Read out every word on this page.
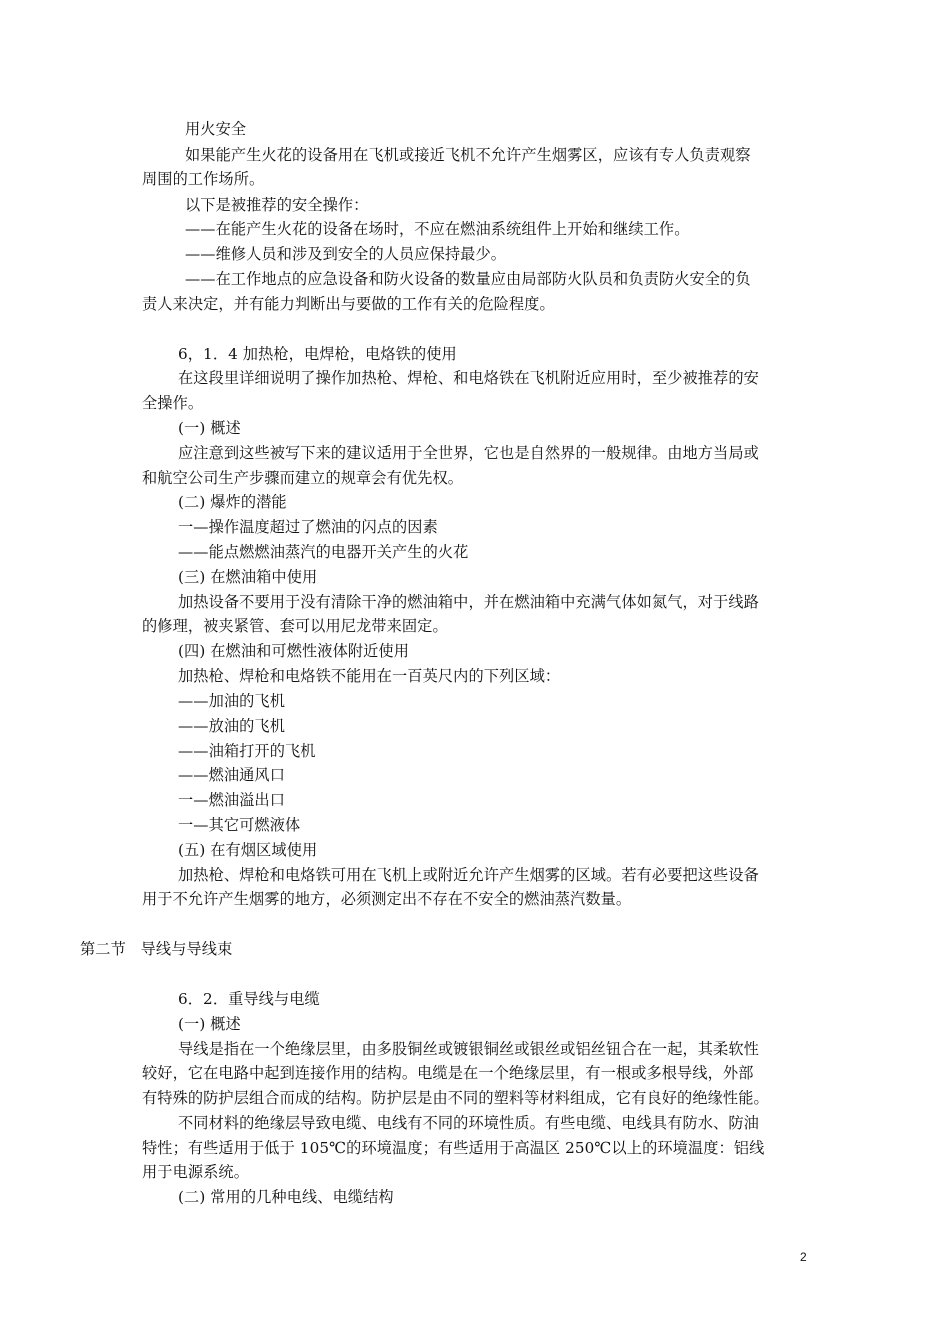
用火安全
如果能产生火花的设备用在飞机或接近飞机不允许产生烟雾区，应该有专人负责观察
周围的工作场所。
以下是被推荐的安全操作：
——在能产生火花的设备在场时，不应在燃油系统组件上开始和继续工作。
——维修人员和涉及到安全的人员应保持最少。
——在工作地点的应急设备和防火设备的数量应由局部防火队员和负责防火安全的负
责人来决定，并有能力判断出与要做的工作有关的危险程度。
6，1．4 加热枪，电焊枪，电烙铁的使用
在这段里详细说明了操作加热枪、焊枪、和电烙铁在飞机附近应用时，至少被推荐的安
全操作。
(一) 概述
应注意到这些被写下来的建议适用于全世界，它也是自然界的一般规律。由地方当局或
和航空公司生产步骤而建立的规章会有优先权。
(二) 爆炸的潜能
一—操作温度超过了燃油的闪点的因素
——能点燃燃油蒸汽的电器开关产生的火花
(三) 在燃油箱中使用
加热设备不要用于没有清除干净的燃油箱中，并在燃油箱中充满气体如氮气，对于线路
的修理，被夹紧管、套可以用尼龙带来固定。
(四) 在燃油和可燃性液体附近使用
加热枪、焊枪和电烙铁不能用在一百英尺内的下列区域：
——加油的飞机
——放油的飞机
——油箱打开的飞机
——燃油通风口
一—燃油溢出口
一—其它可燃液体
(五) 在有烟区域使用
加热枪、焊枪和电烙铁可用在飞机上或附近允许产生烟雾的区域。若有必要把这些设备
用于不允许产生烟雾的地方，必须测定出不存在不安全的燃油蒸汽数量。
第二节   导线与导线束
6．2．重导线与电缆
(一) 概述
导线是指在一个绝缘层里，由多股铜丝或镀银铜丝或银丝或铝丝钮合在一起，其柔软性
较好，它在电路中起到连接作用的结构。电缆是在一个绝缘层里，有一根或多根导线，外部
有特殊的防护层组合而成的结构。防护层是由不同的塑料等材料组成，它有良好的绝缘性能。
不同材料的绝缘层导致电缆、电线有不同的环境性质。有些电缆、电线具有防水、防油
特性；有些适用于低于 105℃的环境温度；有些适用于高温区 250℃以上的环境温度：铝线
用于电源系统。
(二) 常用的几种电线、电缆结构
2
